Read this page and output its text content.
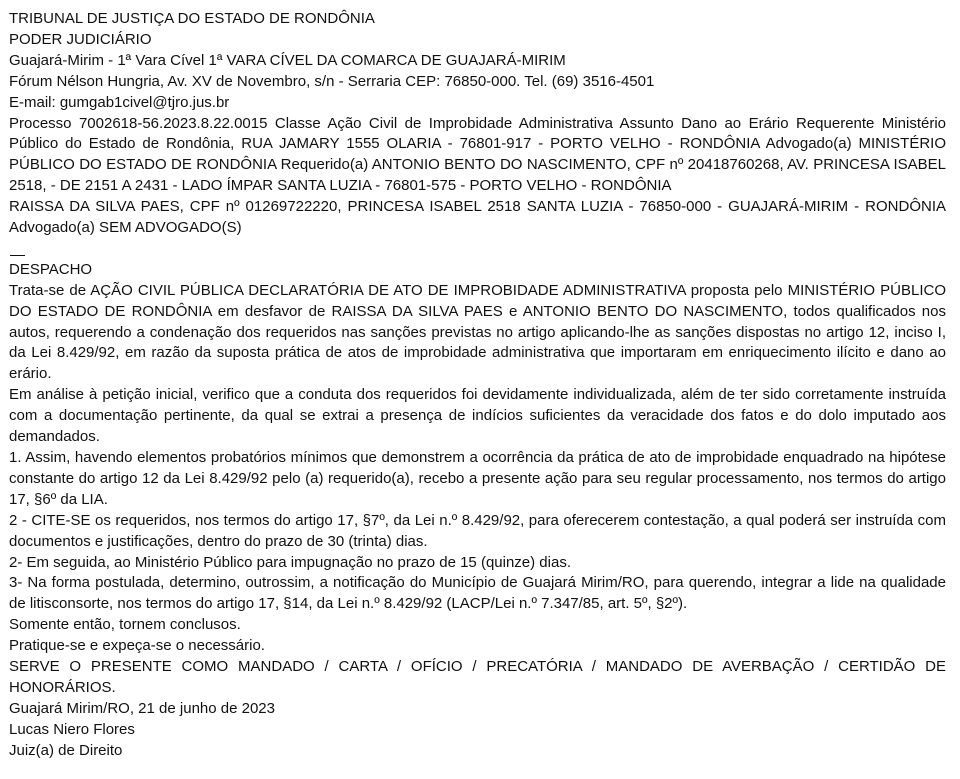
TRIBUNAL DE JUSTIÇA DO ESTADO DE RONDÔNIA
PODER JUDICIÁRIO
Guajará-Mirim - 1ª Vara Cível 1ª VARA CÍVEL DA COMARCA DE GUAJARÁ-MIRIM
Fórum Nélson Hungria, Av. XV de Novembro, s/n - Serraria CEP: 76850-000. Tel. (69) 3516-4501
E-mail: gumgab1civel@tjro.jus.br
Processo 7002618-56.2023.8.22.0015 Classe Ação Civil de Improbidade Administrativa Assunto Dano ao Erário Requerente Ministério Público do Estado de Rondônia, RUA JAMARY 1555 OLARIA - 76801-917 - PORTO VELHO - RONDÔNIA Advogado(a) MINISTÉRIO PÚBLICO DO ESTADO DE RONDÔNIA Requerido(a) ANTONIO BENTO DO NASCIMENTO, CPF nº 20418760268, AV. PRINCESA ISABEL 2518, - DE 2151 A 2431 - LADO ÍMPAR SANTA LUZIA - 76801-575 - PORTO VELHO - RONDÔNIA
RAISSA DA SILVA PAES, CPF nº 01269722220, PRINCESA ISABEL 2518 SANTA LUZIA - 76850-000 - GUAJARÁ-MIRIM - RONDÔNIA Advogado(a) SEM ADVOGADO(S)
DESPACHO
Trata-se de AÇÃO CIVIL PÚBLICA DECLARATÓRIA DE ATO DE IMPROBIDADE ADMINISTRATIVA proposta pelo MINISTÉRIO PÚBLICO DO ESTADO DE RONDÔNIA em desfavor de RAISSA DA SILVA PAES e ANTONIO BENTO DO NASCIMENTO, todos qualificados nos autos, requerendo a condenação dos requeridos nas sanções previstas no artigo aplicando-lhe as sanções dispostas no artigo 12, inciso I, da Lei 8.429/92, em razão da suposta prática de atos de improbidade administrativa que importaram em enriquecimento ilícito e dano ao erário.
Em análise à petição inicial, verifico que a conduta dos requeridos foi devidamente individualizada, além de ter sido corretamente instruída com a documentação pertinente, da qual se extrai a presença de indícios suficientes da veracidade dos fatos e do dolo imputado aos demandados.
1. Assim, havendo elementos probatórios mínimos que demonstrem a ocorrência da prática de ato de improbidade enquadrado na hipótese constante do artigo 12 da Lei 8.429/92 pelo (a) requerido(a), recebo a presente ação para seu regular processamento, nos termos do artigo 17, §6º da LIA.
2 - CITE-SE os requeridos, nos termos do artigo 17, §7º, da Lei n.º 8.429/92, para oferecerem contestação, a qual poderá ser instruída com documentos e justificações, dentro do prazo de 30 (trinta) dias.
2- Em seguida, ao Ministério Público para impugnação no prazo de 15 (quinze) dias.
3- Na forma postulada, determino, outrossim, a notificação do Município de Guajará Mirim/RO, para querendo, integrar a lide na qualidade de litisconsorte, nos termos do artigo 17, §14, da Lei n.º 8.429/92 (LACP/Lei n.º 7.347/85, art. 5º, §2º).
Somente então, tornem conclusos.
Pratique-se e expeça-se o necessário.
SERVE O PRESENTE COMO MANDADO / CARTA / OFÍCIO / PRECATÓRIA / MANDADO DE AVERBAÇÃO / CERTIDÃO DE HONORÁRIOS.
Guajará Mirim/RO, 21 de junho de 2023
Lucas Niero Flores
Juiz(a) de Direito
